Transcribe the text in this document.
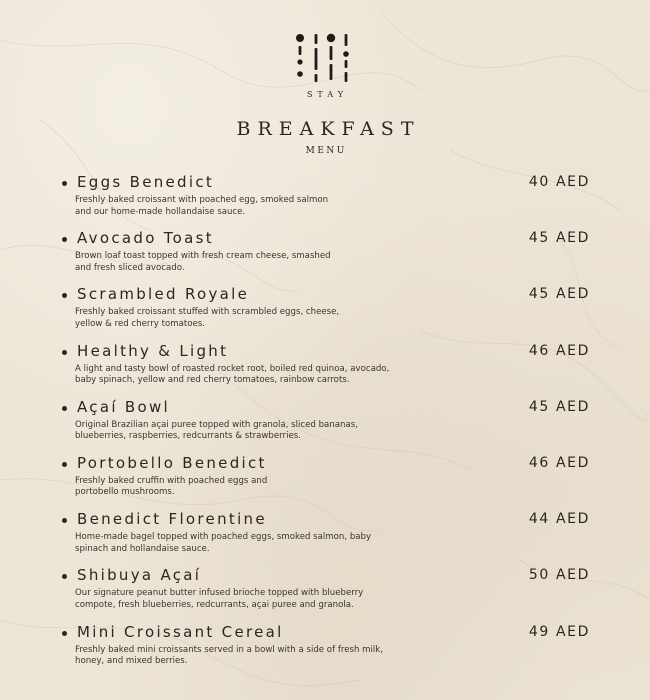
STAY
BREAKFAST
MENU
Eggs Benedict
Freshly baked croissant with poached egg, smoked salmon
and our home-made hollandaise sauce.
40 AED
Avocado Toast
Brown loaf toast topped with fresh cream cheese, smashed
and fresh sliced avocado.
45 AED
Scrambled Royale
Freshly baked croissant stuffed with scrambled eggs, cheese,
yellow & red cherry tomatoes.
45 AED
Healthy & Light
A light and tasty bowl of roasted rocket root, boiled red quinoa, avocado,
baby spinach, yellow and red cherry tomatoes, rainbow carrots.
46 AED
Açaí Bowl
Original Brazilian açai puree topped with granola, sliced bananas,
blueberries, raspberries, redcurrants & strawberries.
45 AED
Portobello Benedict
Freshly baked cruffin with poached eggs and
portobello mushrooms.
46 AED
Benedict Florentine
Home-made bagel topped with poached eggs, smoked salmon, baby
spinach and hollandaise sauce.
44 AED
Shibuya Açaí
Our signature peanut butter infused brioche topped with blueberry
compote, fresh blueberries, redcurrants, açai puree and granola.
50 AED
Mini Croissant Cereal
Freshly baked mini croissants served in a bowl with a side of fresh milk,
honey, and mixed berries.
49 AED
